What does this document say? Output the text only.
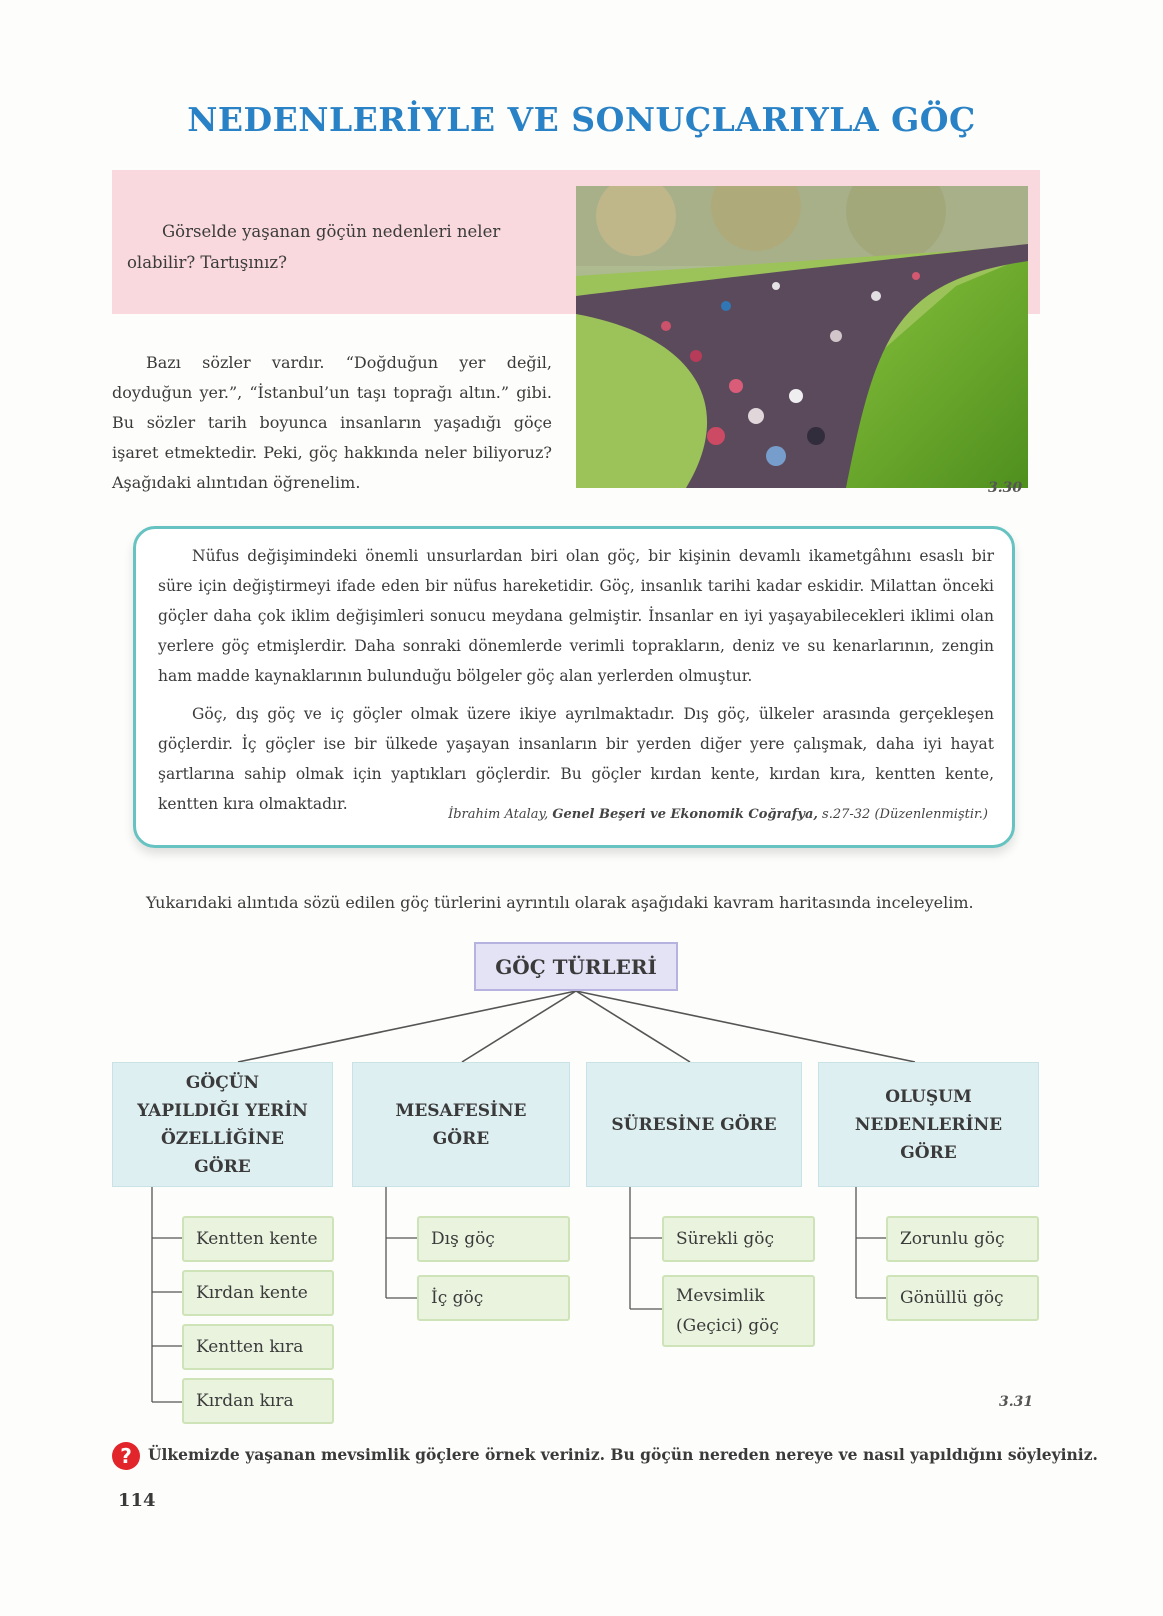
NEDENLERİYLE VE SONUÇLARIYLA GÖÇ
Görselde yaşanan göçün nedenleri neler olabilir? Tartışınız?
3.30
Bazı sözler vardır. “Doğduğun yer değil, doyduğun yer.”, “İstanbul’un taşı toprağı altın.” gibi. Bu sözler tarih boyunca insanların yaşadığı göçe işaret etmektedir. Peki, göç hakkında neler biliyoruz? Aşağıdaki alıntıdan öğrenelim.

Nüfus değişimindeki önemli unsurlardan biri olan göç, bir kişinin devamlı ikametgâhını esaslı bir süre için değiştirmeyi ifade eden bir nüfus hareketidir. Göç, insanlık tarihi kadar eskidir. Milattan önceki göçler daha çok iklim değişimleri sonucu meydana gelmiştir. İnsanlar en iyi yaşayabilecekleri iklimi olan yerlere göç etmişlerdir. Daha sonraki dönemlerde verimli toprakların, deniz ve su kenarlarının, zengin ham madde kaynaklarının bulunduğu bölgeler göç alan yerlerden olmuştur.

Göç, dış göç ve iç göçler olmak üzere ikiye ayrılmaktadır. Dış göç, ülkeler arasında gerçekleşen göçlerdir. İç göçler ise bir ülkede yaşayan insanların bir yerden diğer yere çalışmak, daha iyi hayat şartlarına sahip olmak için yaptıkları göçlerdir. Bu göçler kırdan kente, kırdan kıra, kentten kente, kentten kıra olmaktadır.

İbrahim Atalay, Genel Beşeri ve Ekonomik Coğrafya, s.27-32 (Düzenlenmiştir.)
Yukarıdaki alıntıda sözü edilen göç türlerini ayrıntılı olarak aşağıdaki kavram haritasında inceleyelim.
GÖÇ TÜRLERİ
GÖÇÜN
YAPILDIĞI YERİN
ÖZELLİĞİNE
GÖRE
MESAFESİNE
GÖRE
SÜRESİNE GÖRE
OLUŞUM
NEDENLERİNE
GÖRE
Kentten kente
Kırdan kente
Kentten kıra
Kırdan kıra
Dış göç
İç göç
Sürekli göç
Mevsimlik
(Geçici) göç
Zorunlu göç
Gönüllü göç
3.31
?	Ülkemizde yaşanan mevsimlik göçlere örnek veriniz. Bu göçün nereden nereye ve nasıl yapıldığını söyleyiniz.
114
